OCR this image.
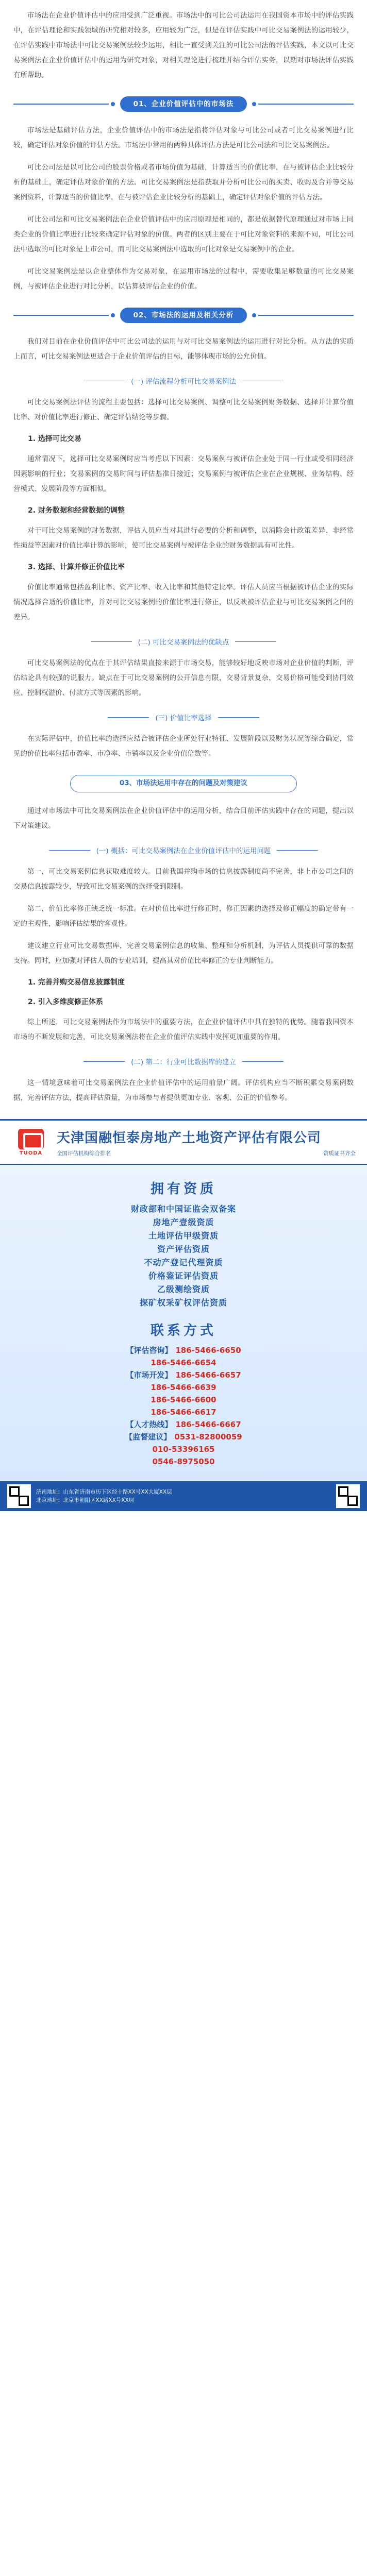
市场法在企业价值评估中的应用受到广泛重视。市场法中的可比公司法运用在我国资本市场中的评估实践中，在评估理论和实践领域的研究相对较多，应用较为广泛，但是在评估实践中可比交易案例法的运用较少，在评估实践中市场法中可比交易案例法较少运用，相比一直受到关注的可比公司法的评估实践，本文以可比交易案例法在企业价值评估中的运用为研究对象，对相关理论进行梳理并结合评估实务，以期对市场法评估实践有所帮助。

01、企业价值评估中的市场法

市场法是基础评估方法，企业价值评估中的市场法是指将评估对象与可比公司或者可比交易案例进行比较，确定评估对象价值的评估方法。市场法中常用的两种具体评估方法是可比公司法和可比交易案例法。

可比公司法是以可比公司的股票价格或者市场价值为基础，计算适当的价值比率，在与被评估企业比较分析的基础上，确定评估对象价值的方法。可比交易案例法是指获取并分析可比公司的买卖、收购及合并等交易案例资料，计算适当的价值比率，在与被评估企业比较分析的基础上，确定评估对象价值的评估方法。

可比公司法和可比交易案例法在企业价值评估中的应用原理是相同的，都是依据替代原理通过对市场上同类企业的价值比率进行比较来确定评估对象的价值。两者的区别主要在于可比对象资料的来源不同，可比公司法中选取的可比对象是上市公司，而可比交易案例法中选取的可比对象是交易案例中的企业。

可比交易案例法是以企业整体作为交易对象，在运用市场法的过程中，需要收集足够数量的可比交易案例，与被评估企业进行对比分析，以估算被评估企业的价值。

02、市场法的运用及相关分析

我们对目前在企业价值评估中可比公司法的运用与对可比交易案例法的运用进行对比分析。从方法的实质上而言，可比交易案例法更适合于企业价值评估的目标，能够体现市场的公允价值。

(一) 评估流程分析可比交易案例法

可比交易案例法评估的流程主要包括：选择可比交易案例、调整可比交易案例财务数据、选择并计算价值比率、对价值比率进行修正、确定评估结论等步骤。

1. 选择可比交易

通常情况下，选择可比交易案例时应当考虑以下因素：交易案例与被评估企业处于同一行业或受相同经济因素影响的行业；交易案例的交易时间与评估基准日接近；交易案例与被评估企业在企业规模、业务结构、经营模式、发展阶段等方面相似。

2. 财务数据和经营数据的调整

对于可比交易案例的财务数据，评估人员应当对其进行必要的分析和调整，以消除会计政策差异、非经常性损益等因素对价值比率计算的影响，使可比交易案例与被评估企业的财务数据具有可比性。

3. 选择、计算并修正价值比率

价值比率通常包括盈利比率、资产比率、收入比率和其他特定比率。评估人员应当根据被评估企业的实际情况选择合适的价值比率，并对可比交易案例的价值比率进行修正，以反映被评估企业与可比交易案例之间的差异。

(二) 可比交易案例法的优缺点

可比交易案例法的优点在于其评估结果直接来源于市场交易，能够较好地反映市场对企业价值的判断，评估结论具有较强的说服力。缺点在于可比交易案例的公开信息有限，交易背景复杂，交易价格可能受到协同效应、控制权溢价、付款方式等因素的影响。

(三) 价值比率选择

在实际评估中，价值比率的选择应结合被评估企业所处行业特征、发展阶段以及财务状况等综合确定，常见的价值比率包括市盈率、市净率、市销率以及企业价值倍数等。

03、市场法运用中存在的问题及对策建议

通过对市场法中可比交易案例法在企业价值评估中的运用分析，结合目前评估实践中存在的问题，提出以下对策建议。

(一) 概括：可比交易案例法在企业价值评估中的运用问题

第一，可比交易案例信息获取难度较大。目前我国并购市场的信息披露制度尚不完善，非上市公司之间的交易信息披露较少，导致可比交易案例的选择受到限制。

第二，价值比率修正缺乏统一标准。在对价值比率进行修正时，修正因素的选择及修正幅度的确定带有一定的主观性，影响评估结果的客观性。

建议建立行业可比交易数据库，完善交易案例信息的收集、整理和分析机制，为评估人员提供可靠的数据支持。同时，应加强对评估人员的专业培训，提高其对价值比率修正的专业判断能力。

1. 完善并购交易信息披露制度

2. 引入多维度修正体系

综上所述，可比交易案例法作为市场法中的重要方法，在企业价值评估中具有独特的优势。随着我国资本市场的不断发展和完善，可比交易案例法将在企业价值评估实践中发挥更加重要的作用。

(二) 第二：行业可比数据库的建立

这一情境意味着可比交易案例法在企业价值评估中的运用前景广阔。评估机构应当不断积累交易案例数据，完善评估方法，提高评估质量，为市场参与者提供更加专业、客观、公正的价值参考。

TUODA
天津国融恒泰房地产土地资产评估有限公司
全国评估机构综合排名	资质证书齐全
拥有资质
财政部和中国证监会双备案
房地产壹级资质
土地评估甲级资质
资产评估资质
不动产登记代理资质
价格鉴证评估资质
乙级测绘资质
探矿权采矿权评估资质
联系方式
【评估咨询】 186-5466-6650
186-5466-6654
【市场开发】 186-5466-6657
186-5466-6639
186-5466-6600
186-5466-6617
【人才热线】 186-5466-6667
【监督建议】 0531-82800059
010-53396165
0546-8975050
济南地址：山东省济南市历下区经十路XX号XX大厦XX层
北京地址：北京市朝阳区XX路XX号XX层
